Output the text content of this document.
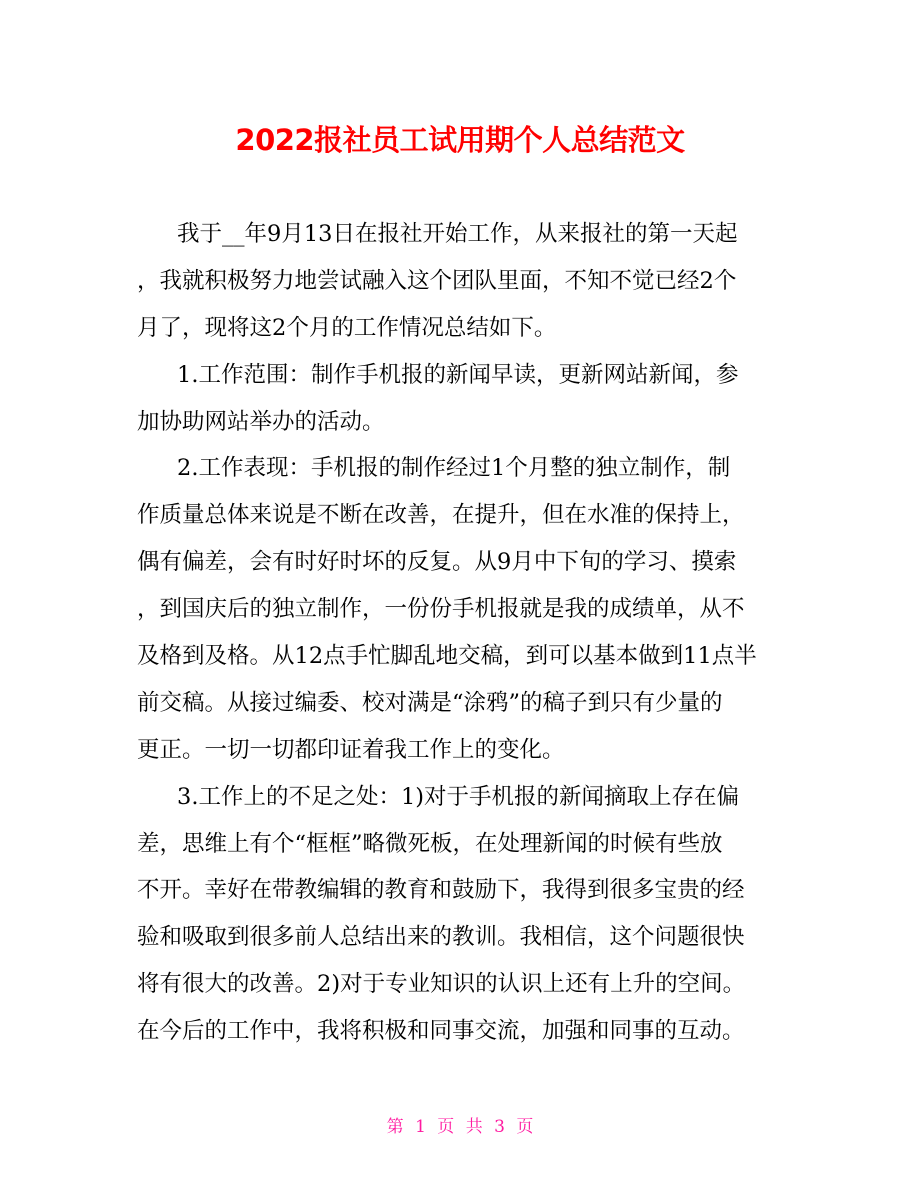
2022报社员工试用期个人总结范文
我于__年9月13日在报社开始工作，从来报社的第一天起
，我就积极努力地尝试融入这个团队里面，不知不觉已经2个
月了，现将这2个月的工作情况总结如下。
1.工作范围：制作手机报的新闻早读，更新网站新闻，参
加协助网站举办的活动。
2.工作表现：手机报的制作经过1个月整的独立制作，制
作质量总体来说是不断在改善，在提升，但在水准的保持上，
偶有偏差，会有时好时坏的反复。从9月中下旬的学习、摸索
，到国庆后的独立制作，一份份手机报就是我的成绩单，从不
及格到及格。从12点手忙脚乱地交稿，到可以基本做到11点半
前交稿。从接过编委、校对满是“涂鸦”的稿子到只有少量的
更正。一切一切都印证着我工作上的变化。
3.工作上的不足之处：1)对于手机报的新闻摘取上存在偏
差，思维上有个“框框”略微死板，在处理新闻的时候有些放
不开。幸好在带教编辑的教育和鼓励下，我得到很多宝贵的经
验和吸取到很多前人总结出来的教训。我相信，这个问题很快
将有很大的改善。2)对于专业知识的认识上还有上升的空间。
在今后的工作中，我将积极和同事交流，加强和同事的互动。
第 1 页 共 3 页
